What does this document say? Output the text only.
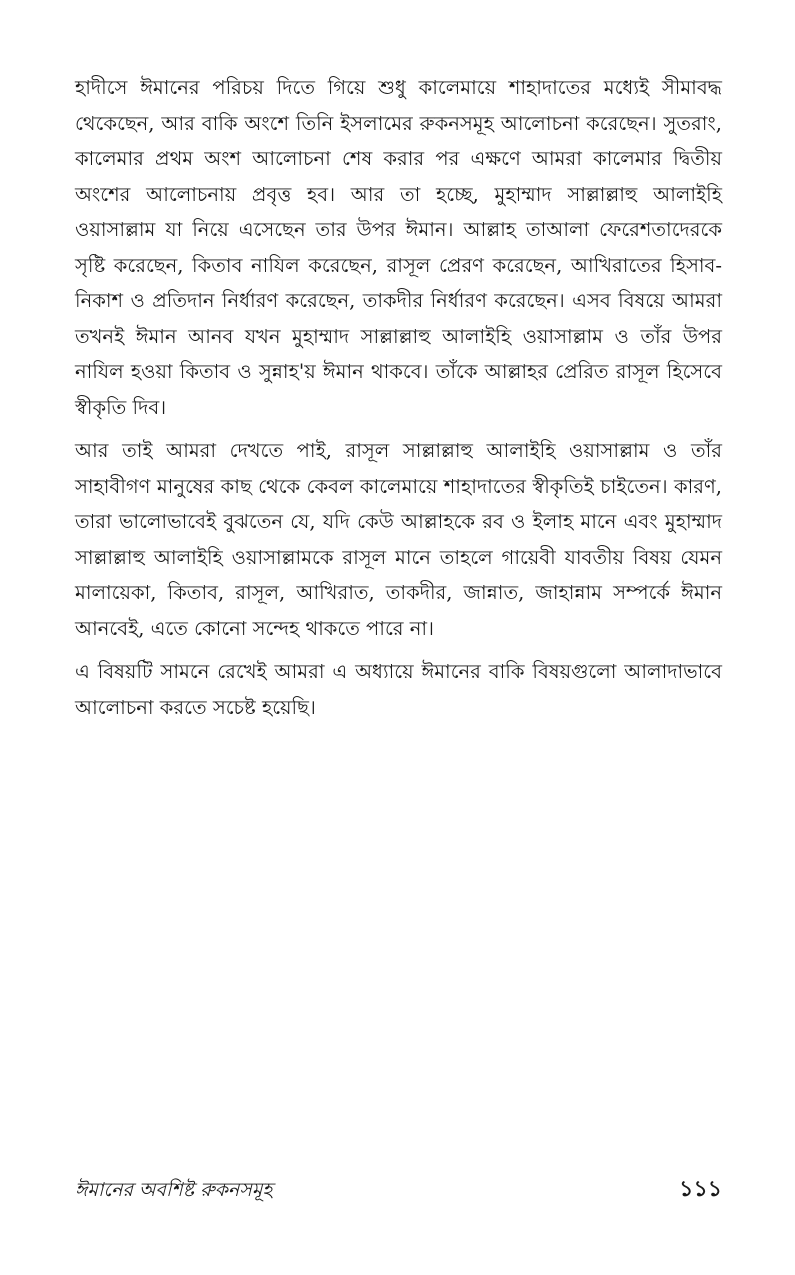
হাদীসে ঈমানের পরিচয় দিতে গিয়ে শুধু কালেমায়ে শাহাদাতের মধ্যেই সীমাবদ্ধ থেকেছেন, আর বাকি অংশে তিনি ইসলামের রুকনসমূহ আলোচনা করেছেন। সুতরাং, কালেমার প্রথম অংশ আলোচনা শেষ করার পর এক্ষণে আমরা কালেমার দ্বিতীয় অংশের আলোচনায় প্রবৃত্ত হব। আর তা হচ্ছে, মুহাম্মাদ সাল্লাল্লাহু আলাইহি ওয়াসাল্লাম যা নিয়ে এসেছেন তার উপর ঈমান। আল্লাহ তাআলা ফেরেশতাদেরকে সৃষ্টি করেছেন, কিতাব নাযিল করেছেন, রাসূল প্রেরণ করেছেন, আখিরাতের হিসাব-নিকাশ ও প্রতিদান নির্ধারণ করেছেন, তাকদীর নির্ধারণ করেছেন। এসব বিষয়ে আমরা তখনই ঈমান আনব যখন মুহাম্মাদ সাল্লাল্লাহু আলাইহি ওয়াসাল্লাম ও তাঁর উপর নাযিল হওয়া কিতাব ও সুন্নাহ'য় ঈমান থাকবে। তাঁকে আল্লাহর প্রেরিত রাসূল হিসেবে স্বীকৃতি দিব।

আর তাই আমরা দেখতে পাই, রাসূল সাল্লাল্লাহু আলাইহি ওয়াসাল্লাম ও তাঁর সাহাবীগণ মানুষের কাছ থেকে কেবল কালেমায়ে শাহাদাতের স্বীকৃতিই চাইতেন। কারণ, তারা ভালোভাবেই বুঝতেন যে, যদি কেউ আল্লাহকে রব ও ইলাহ মানে এবং মুহাম্মাদ সাল্লাল্লাহু আলাইহি ওয়াসাল্লামকে রাসূল মানে তাহলে গায়েবী যাবতীয় বিষয় যেমন মালায়েকা, কিতাব, রাসূল, আখিরাত, তাকদীর, জান্নাত, জাহান্নাম সম্পর্কে ঈমান আনবেই, এতে কোনো সন্দেহ থাকতে পারে না।

এ বিষয়টি সামনে রেখেই আমরা এ অধ্যায়ে ঈমানের বাকি বিষয়গুলো আলাদাভাবে আলোচনা করতে সচেষ্ট হয়েছি।

ঈমানের অবশিষ্ট রুকনসমূহ	১১১
